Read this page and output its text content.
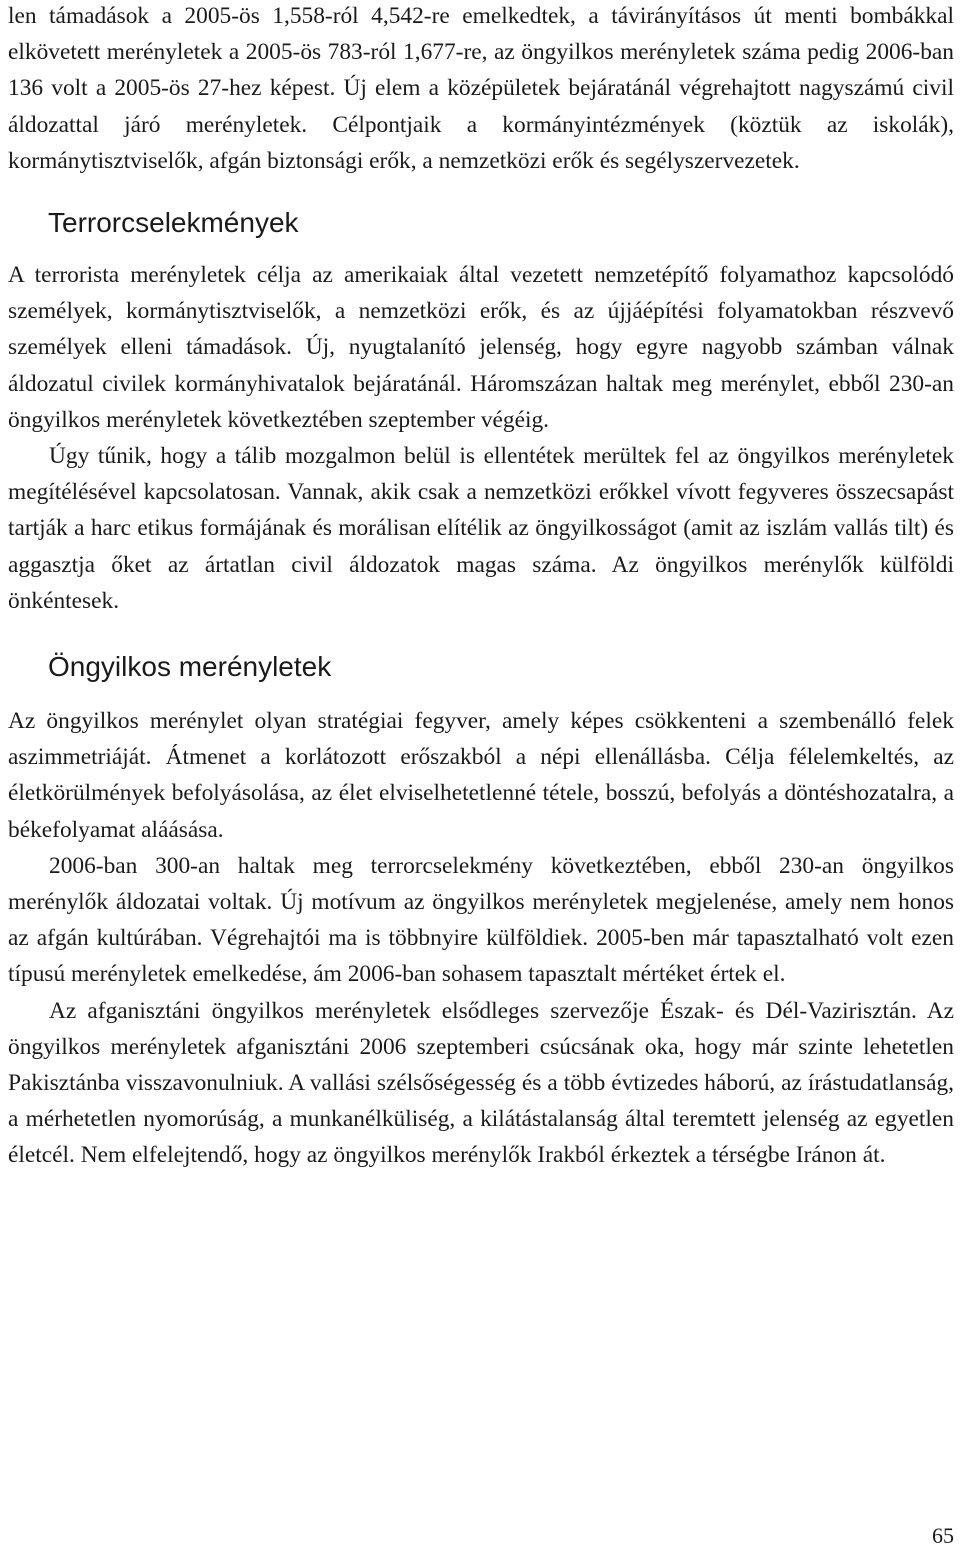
len támadások a 2005-ös 1,558-ról 4,542-re emelkedtek, a távirányításos út menti bombákkal elkövetett merényletek a 2005-ös 783-ról 1,677-re, az öngyilkos merényletek száma pedig 2006-ban 136 volt a 2005-ös 27-hez képest. Új elem a középületek bejáratánál végrehajtott nagyszámú civil áldozattal járó merényletek. Célpontjaik a kormányintézmények (köztük az iskolák), kormánytisztviselők, afgán biztonsági erők, a nemzetközi erők és segélyszervezetek.

Terrorcselekmények

A terrorista merényletek célja az amerikaiak által vezetett nemzetépítő folyamathoz kapcsolódó személyek, kormánytisztviselők, a nemzetközi erők, és az újjáépítési folyamatokban részvevő személyek elleni támadások. Új, nyugtalanító jelenség, hogy egyre nagyobb számban válnak áldozatul civilek kormányhivatalok bejáratánál. Háromszázan haltak meg merénylet, ebből 230-an öngyilkos merényletek következtében szeptember végéig.

Úgy tűnik, hogy a tálib mozgalmon belül is ellentétek merültek fel az öngyilkos merényletek megítélésével kapcsolatosan. Vannak, akik csak a nemzetközi erőkkel vívott fegyveres összecsapást tartják a harc etikus formájának és morálisan elítélik az öngyilkosságot (amit az iszlám vallás tilt) és aggasztja őket az ártatlan civil áldozatok magas száma. Az öngyilkos merénylők külföldi önkéntesek.

Öngyilkos merényletek

Az öngyilkos merénylet olyan stratégiai fegyver, amely képes csökkenteni a szembenálló felek aszimmetriáját. Átmenet a korlátozott erőszakból a népi ellenállásba. Célja félelemkeltés, az életkörülmények befolyásolása, az élet elviselhetetlenné tétele, bosszú, befolyás a döntéshozatalra, a békefolyamat aláásása.

2006-ban 300-an haltak meg terrorcselekmény következtében, ebből 230-an öngyilkos merénylők áldozatai voltak. Új motívum az öngyilkos merényletek megjelenése, amely nem honos az afgán kultúrában. Végrehajtói ma is többnyire külföldiek. 2005-ben már tapasztalható volt ezen típusú merényletek emelkedése, ám 2006-ban sohasem tapasztalt mértéket értek el.

Az afganisztáni öngyilkos merényletek elsődleges szervezője Észak- és Dél-Vazirisztán. Az öngyilkos merényletek afganisztáni 2006 szeptemberi csúcsának oka, hogy már szinte lehetetlen Pakisztánba visszavonulniuk. A vallási szélsőségesség és a több évtizedes háború, az írástudatlanság, a mérhetetlen nyomorúság, a munkanélküliség, a kilátástalanság által teremtett jelenség az egyetlen életcél. Nem elfelejtendő, hogy az öngyilkos merénylők Irakból érkeztek a térségbe Iránon át.

65
